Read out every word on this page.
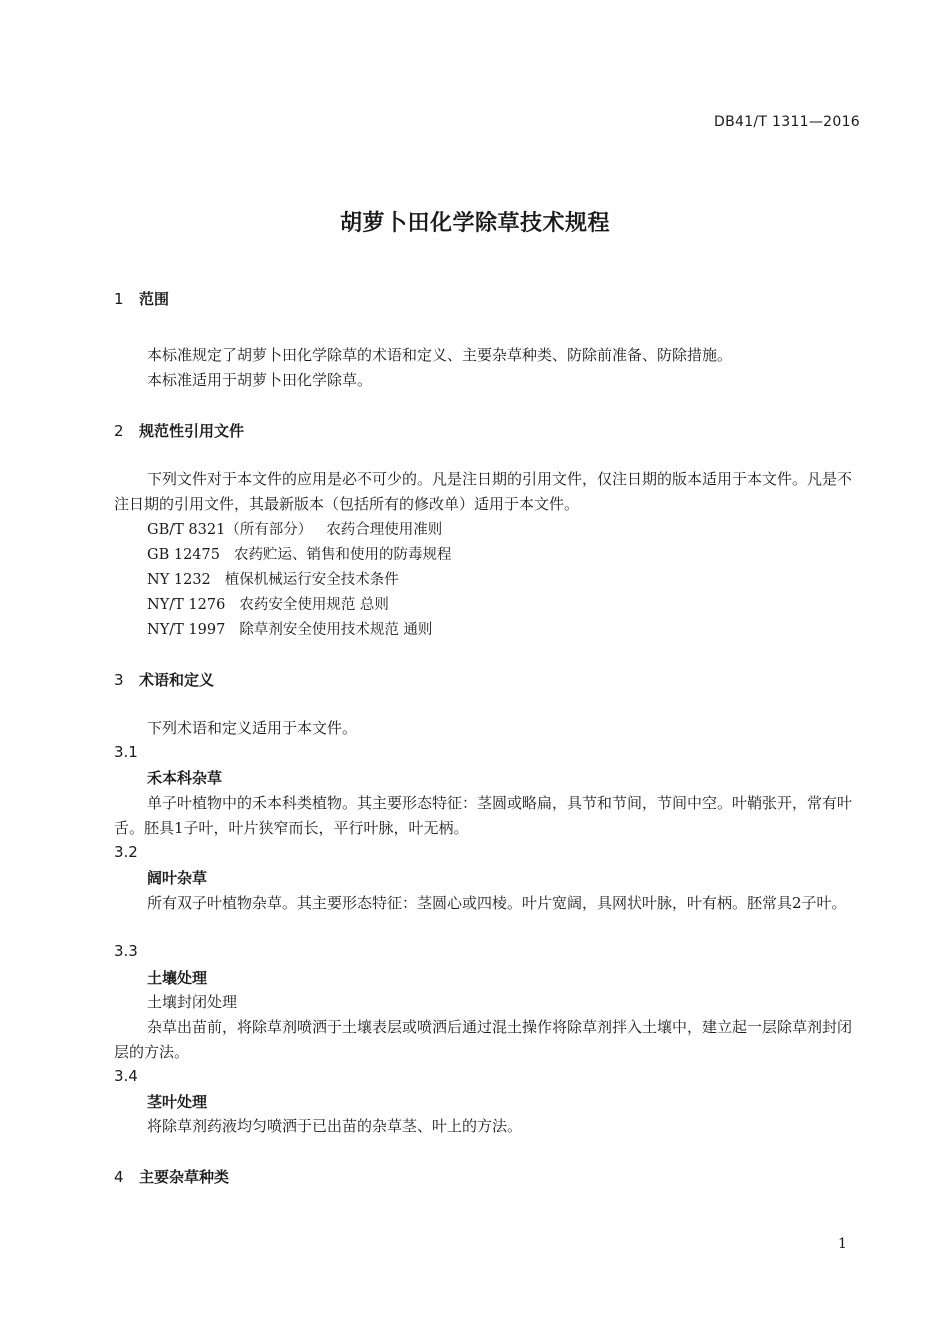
DB41/T 1311—2016
胡萝卜田化学除草技术规程
1 范围
本标准规定了胡萝卜田化学除草的术语和定义、主要杂草种类、防除前准备、防除措施。
本标准适用于胡萝卜田化学除草。
2 规范性引用文件
下列文件对于本文件的应用是必不可少的。凡是注日期的引用文件，仅注日期的版本适用于本文件。凡是不注日期的引用文件，其最新版本（包括所有的修改单）适用于本文件。
GB/T 8321（所有部分） 农药合理使用准则
GB 12475 农药贮运、销售和使用的防毒规程
NY 1232 植保机械运行安全技术条件
NY/T 1276 农药安全使用规范 总则
NY/T 1997 除草剂安全使用技术规范 通则
3 术语和定义
下列术语和定义适用于本文件。
3.1
禾本科杂草
单子叶植物中的禾本科类植物。其主要形态特征：茎圆或略扁，具节和节间，节间中空。叶鞘张开，常有叶舌。胚具1子叶，叶片狭窄而长，平行叶脉，叶无柄。
3.2
阔叶杂草
所有双子叶植物杂草。其主要形态特征：茎圆心或四棱。叶片宽阔，具网状叶脉，叶有柄。胚常具2子叶。
3.3
土壤处理
土壤封闭处理
杂草出苗前，将除草剂喷洒于土壤表层或喷洒后通过混土操作将除草剂拌入土壤中，建立起一层除草剂封闭层的方法。
3.4
茎叶处理
将除草剂药液均匀喷洒于已出苗的杂草茎、叶上的方法。
4 主要杂草种类
1
